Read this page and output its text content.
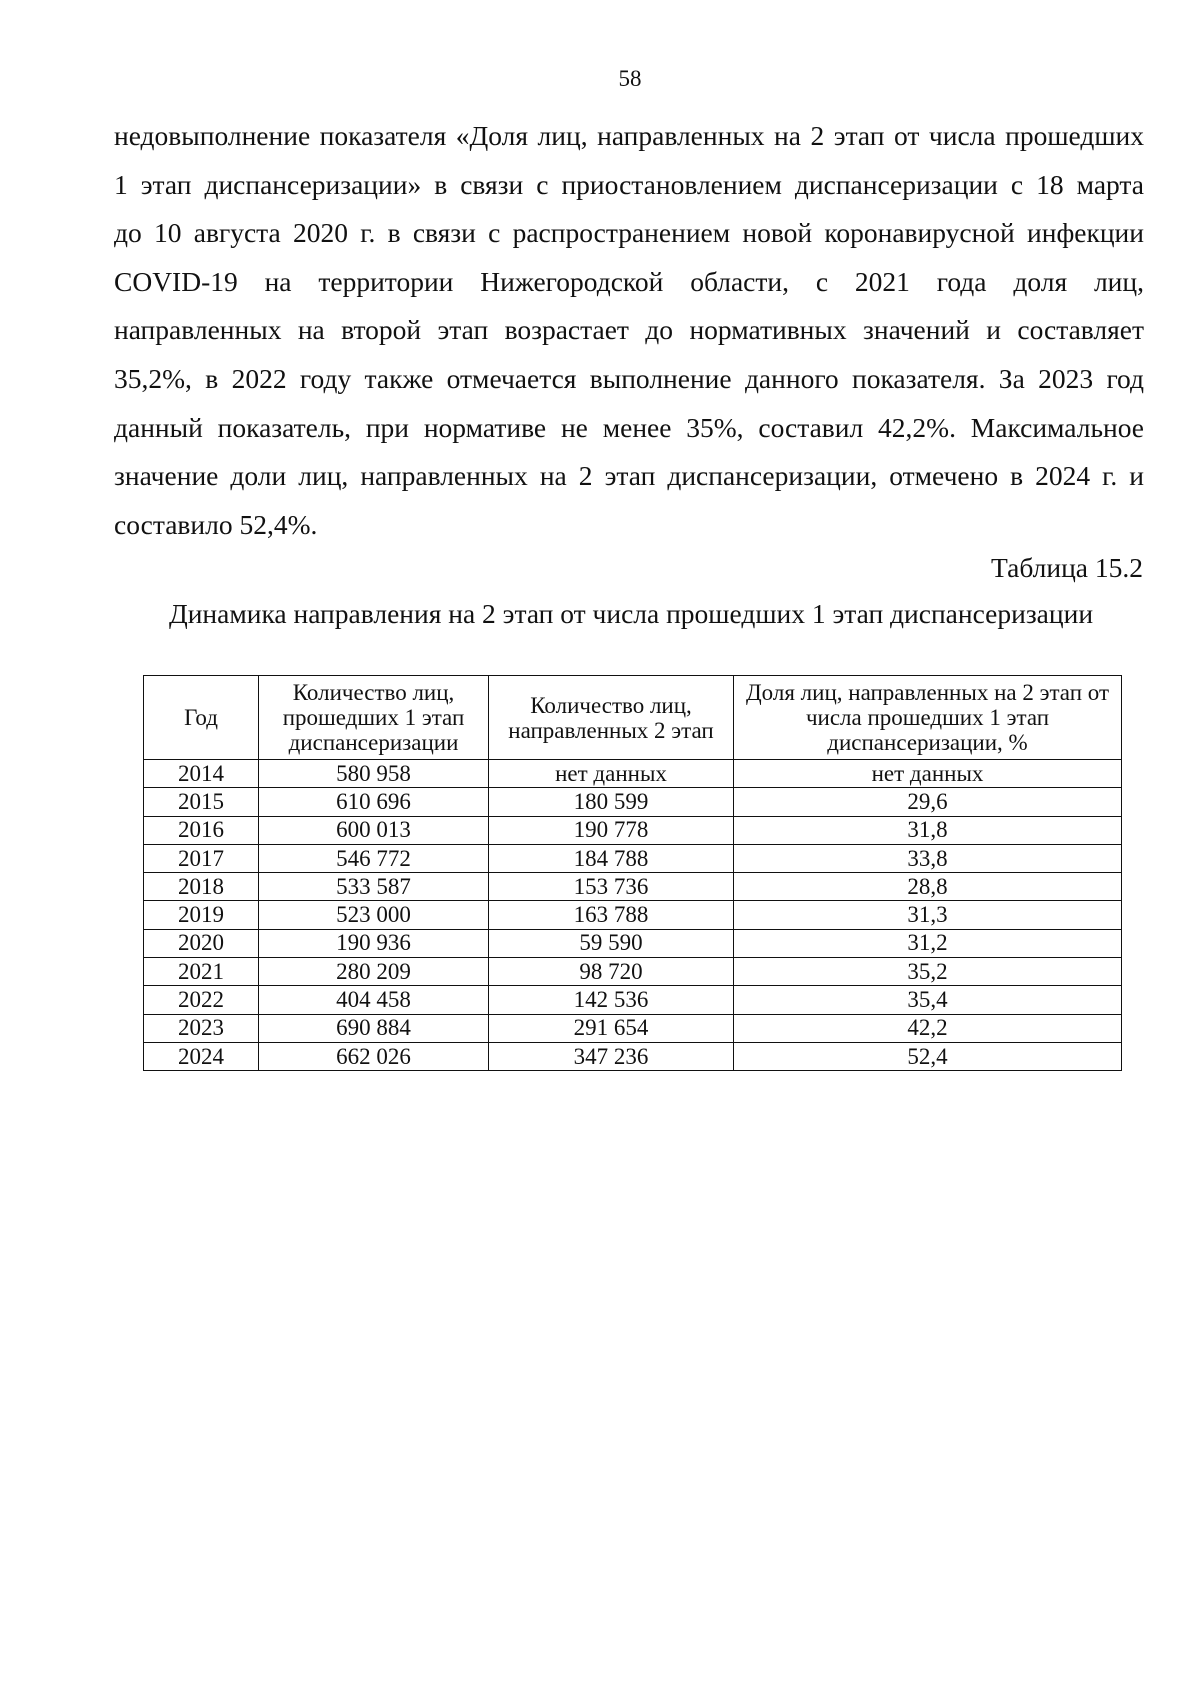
58
недовыполнение показателя «Доля лиц, направленных на 2 этап от числа прошедших
1 этап диспансеризации» в связи с приостановлением диспансеризации с 18 марта
до 10 августа 2020 г. в связи с распространением новой коронавирусной инфекции
COVID-19 на территории Нижегородской области, с 2021 года доля лиц,
направленных на второй этап возрастает до нормативных значений и составляет
35,2%, в 2022 году также отмечается выполнение данного показателя. За 2023 год
данный показатель, при нормативе не менее 35%, составил 42,2%. Максимальное
значение доли лиц, направленных на 2 этап диспансеризации, отмечено в 2024 г. и
составило 52,4%.
Таблица 15.2
Динамика направления на 2 этап от числа прошедших 1 этап диспансеризации
Год	Количество лиц, прошедших 1 этап диспансеризации	Количество лиц, направленных 2 этап	Доля лиц, направленных на 2 этап от числа прошедших 1 этап диспансеризации, %
2014	580 958	нет данных	нет данных
2015	610 696	180 599	29,6
2016	600 013	190 778	31,8
2017	546 772	184 788	33,8
2018	533 587	153 736	28,8
2019	523 000	163 788	31,3
2020	190 936	59 590	31,2
2021	280 209	98 720	35,2
2022	404 458	142 536	35,4
2023	690 884	291 654	42,2
2024	662 026	347 236	52,4
